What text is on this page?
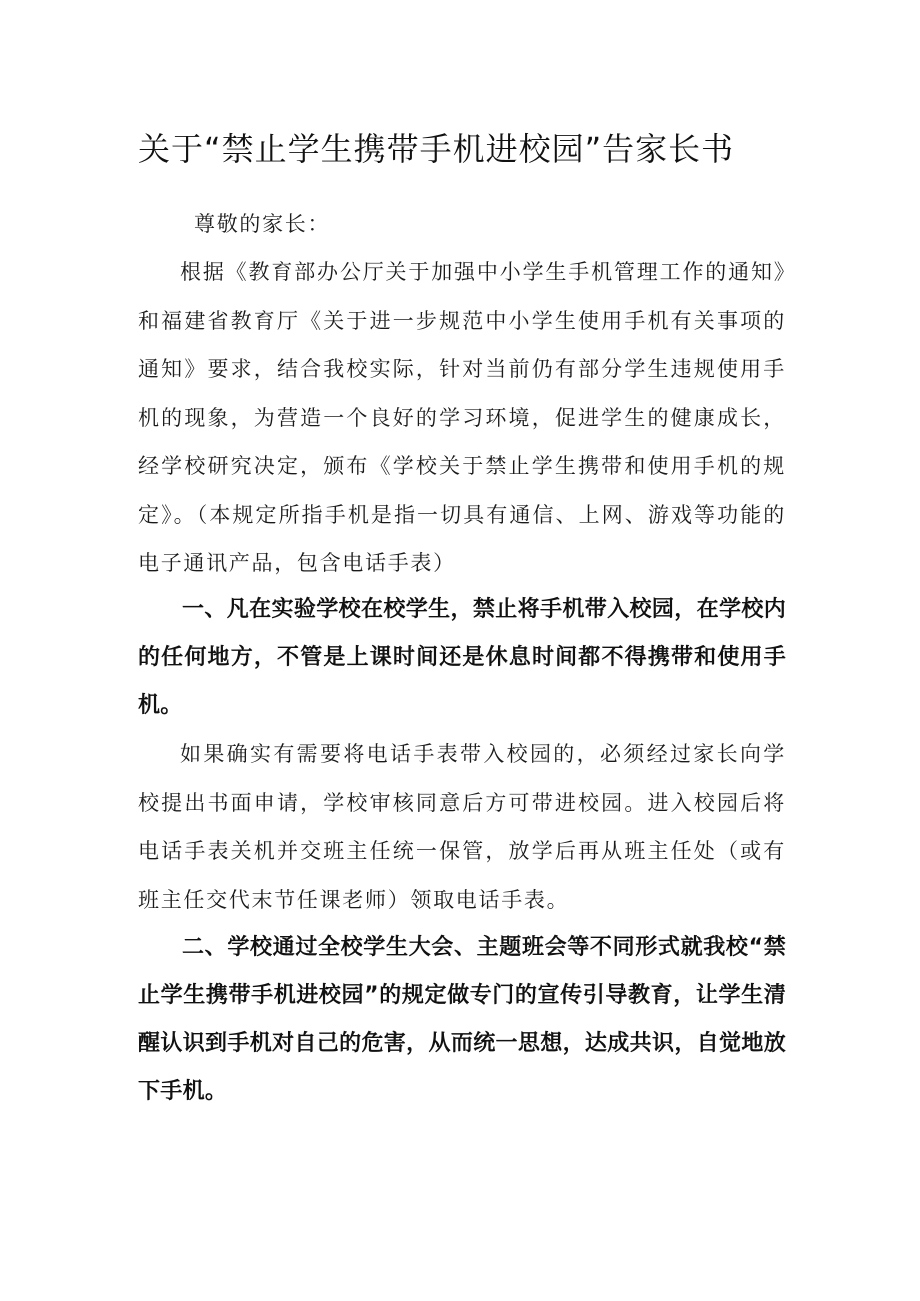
关于“禁止学生携带手机进校园”告家长书

尊敬的家长：

根据《教育部办公厅关于加强中小学生手机管理工作的通知》和福建省教育厅《关于进一步规范中小学生使用手机有关事项的通知》要求，结合我校实际，针对当前仍有部分学生违规使用手机的现象，为营造一个良好的学习环境，促进学生的健康成长，经学校研究决定，颁布《学校关于禁止学生携带和使用手机的规定》。（本规定所指手机是指一切具有通信、上网、游戏等功能的电子通讯产品，包含电话手表）

一、凡在实验学校在校学生，禁止将手机带入校园，在学校内的任何地方，不管是上课时间还是休息时间都不得携带和使用手机。

如果确实有需要将电话手表带入校园的，必须经过家长向学校提出书面申请，学校审核同意后方可带进校园。进入校园后将电话手表关机并交班主任统一保管，放学后再从班主任处（或有班主任交代末节任课老师）领取电话手表。

二、学校通过全校学生大会、主题班会等不同形式就我校“禁止学生携带手机进校园”的规定做专门的宣传引导教育，让学生清醒认识到手机对自己的危害，从而统一思想，达成共识，自觉地放下手机。
